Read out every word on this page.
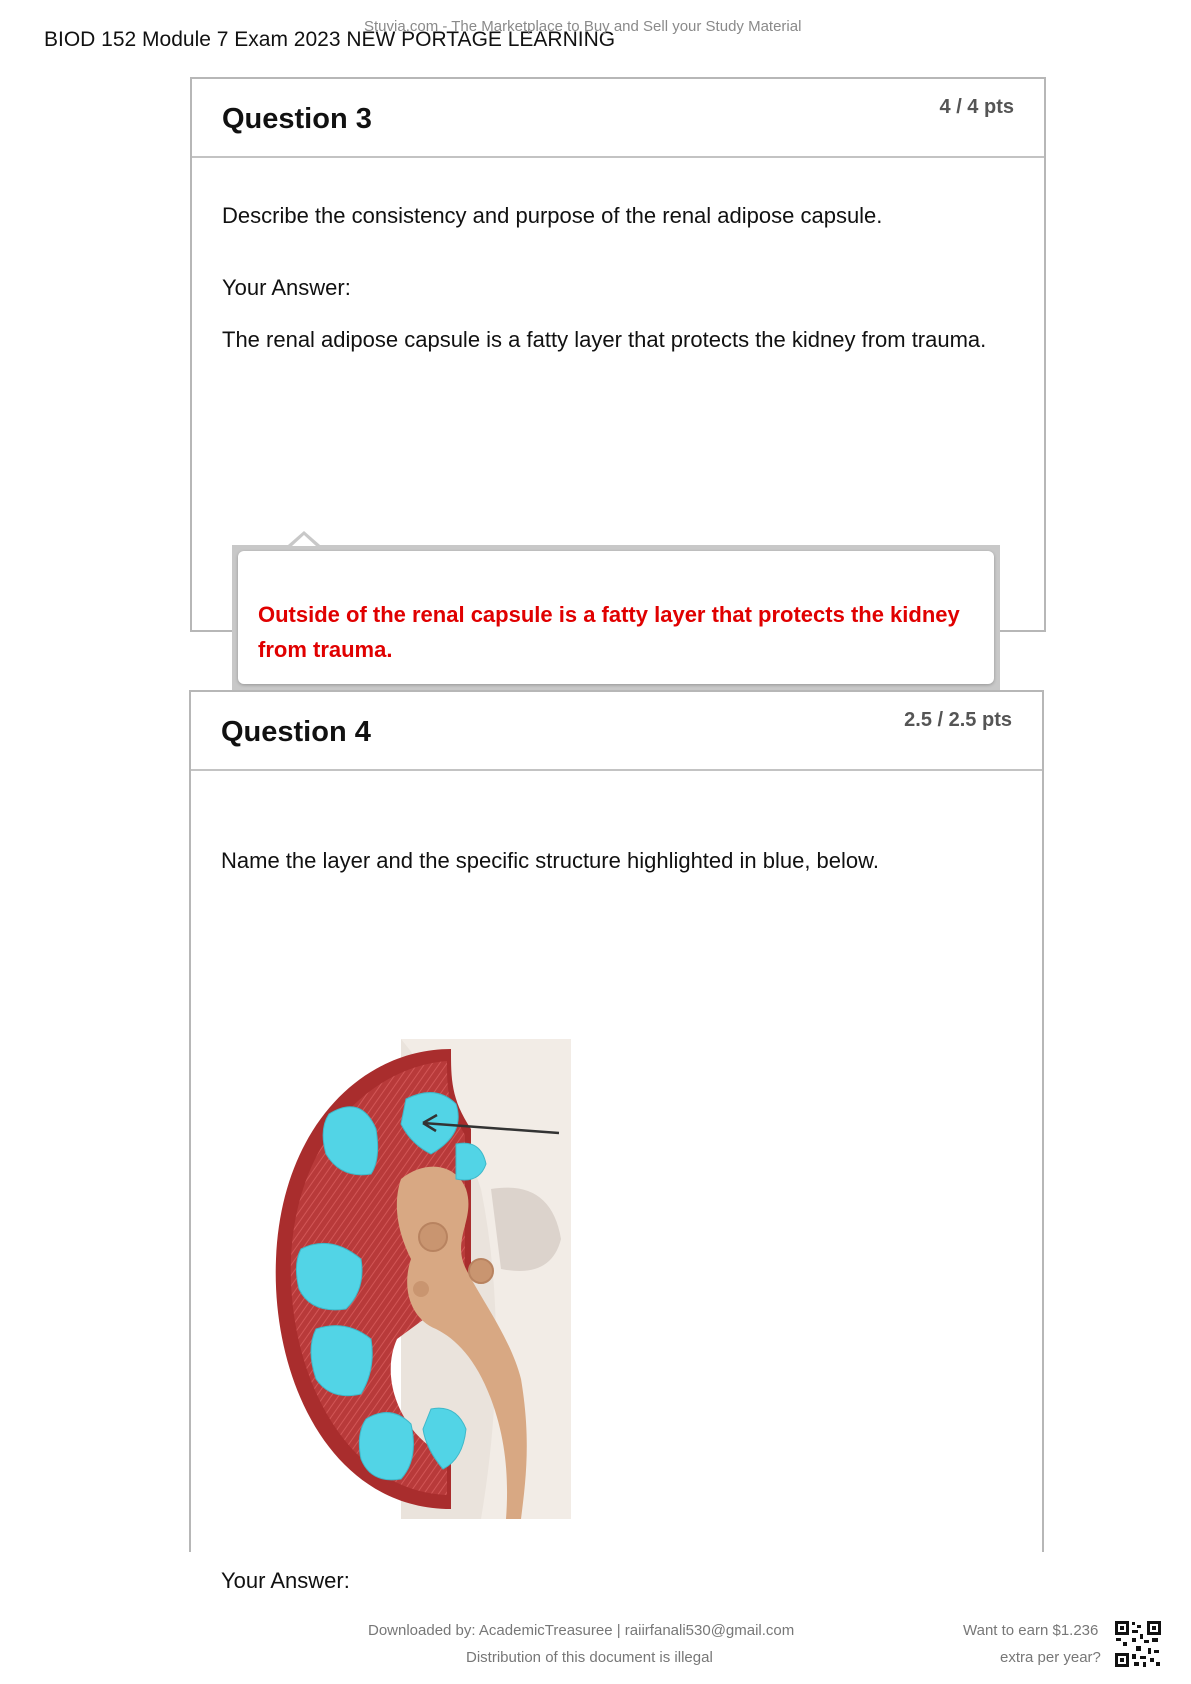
BIOD 152 Module 7 Exam 2023 NEW PORTAGE LEARNING
Stuvia.com - The Marketplace to Buy and Sell your Study Material
Question 3	4 / 4 pts
Describe the consistency and purpose of the renal adipose capsule.
Your Answer:
The renal adipose capsule is a fatty layer that protects the kidney from trauma.
Outside of the renal capsule is a fatty layer that protects the kidney from trauma.
Question 4	2.5 / 2.5 pts
Name the layer and the specific structure highlighted in blue, below.
Your Answer:
Downloaded by: AcademicTreasuree | raiirfanali530@gmail.com
Distribution of this document is illegal
Want to earn $1.236
extra per year?
